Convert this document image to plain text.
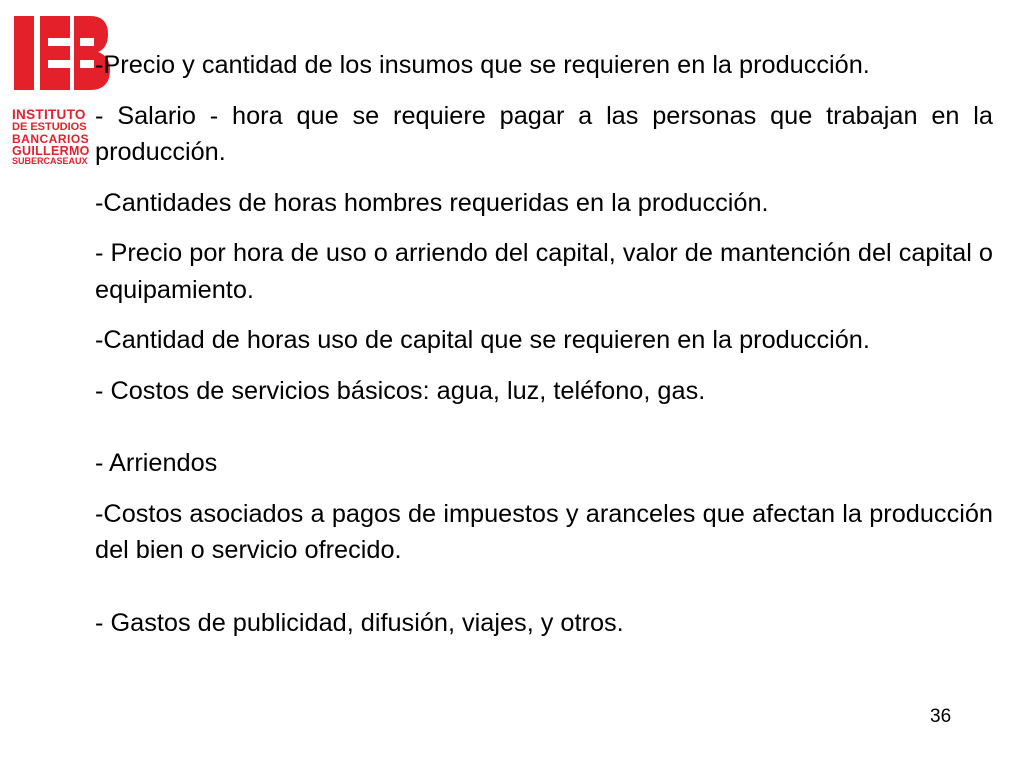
INSTITUTO
DE ESTUDIOS
BANCARIOS
GUILLERMO
SUBERCASEAUX

-Precio y cantidad de los insumos que se requieren en la producción.

- Salario - hora que se requiere pagar a las personas que trabajan en la producción.

-Cantidades de horas hombres requeridas en la producción.

- Precio por hora de uso o arriendo del capital, valor de mantención del capital o equipamiento.

-Cantidad de horas uso de capital que se requieren en la producción.

- Costos de servicios básicos: agua, luz, teléfono, gas.

- Arriendos

-Costos asociados a pagos de impuestos y aranceles que afectan la producción del bien o servicio ofrecido.

- Gastos de publicidad, difusión, viajes, y otros.

36
